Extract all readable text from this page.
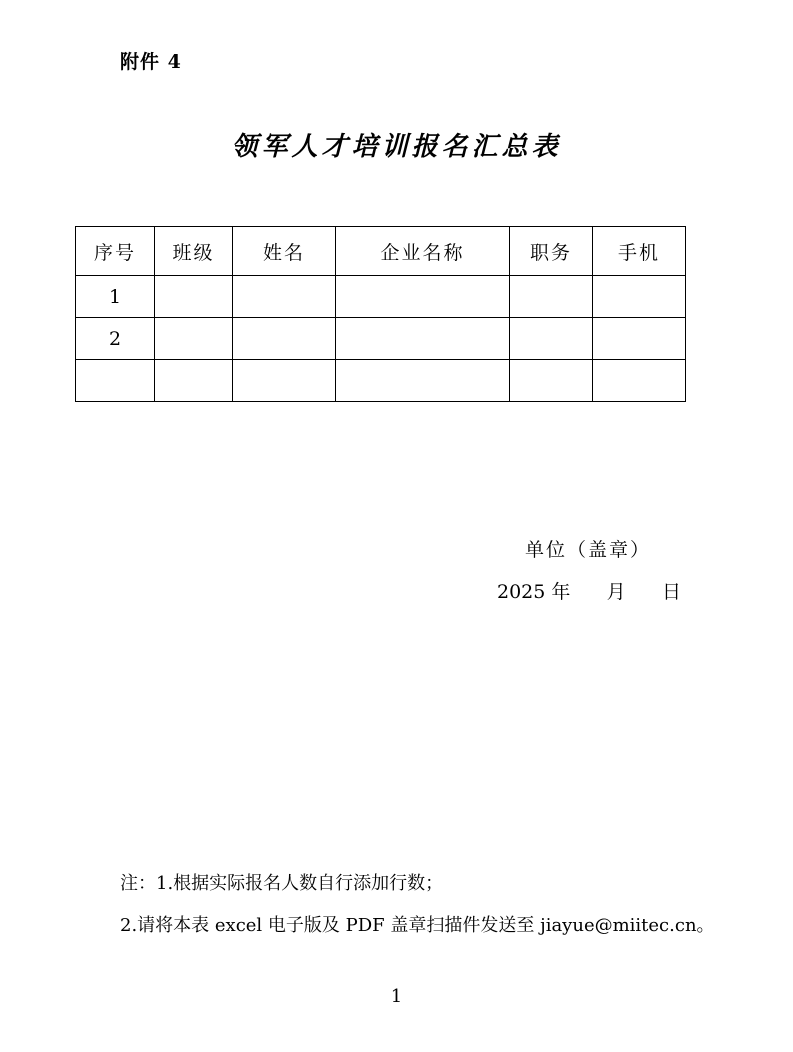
附件 4
领军人才培训报名汇总表
序号	班级	姓名	企业名称	职务	手机
1					
2					

单位（盖章）
2025 年 月 日
注：1.根据实际报名人数自行添加行数；
2.请将本表 excel 电子版及 PDF 盖章扫描件发送至 jiayue@miitec.cn。
1
